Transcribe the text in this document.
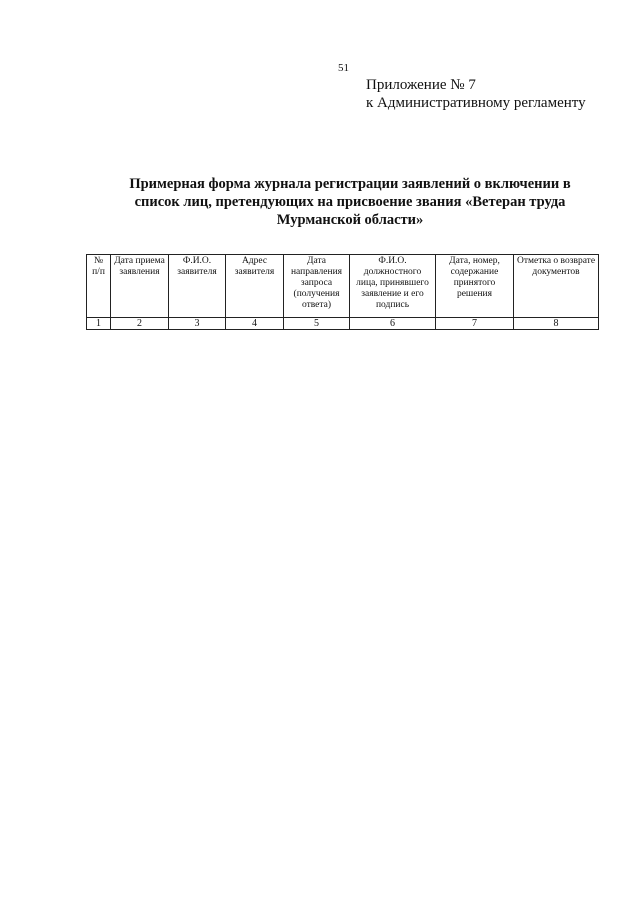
51
Приложение № 7
к Административному регламенту
Примерная форма журнала регистрации заявлений о включении в список лиц, претендующих на присвоение звания «Ветеран труда Мурманской области»
№ п/п	Дата приема заявления	Ф.И.О. заявителя	Адрес заявителя	Дата направления запроса (получения ответа)	Ф.И.О. должностного лица, принявшего заявление и его подпись	Дата, номер, содержание принятого решения	Отметка о возврате документов
1	2	3	4	5	6	7	8
